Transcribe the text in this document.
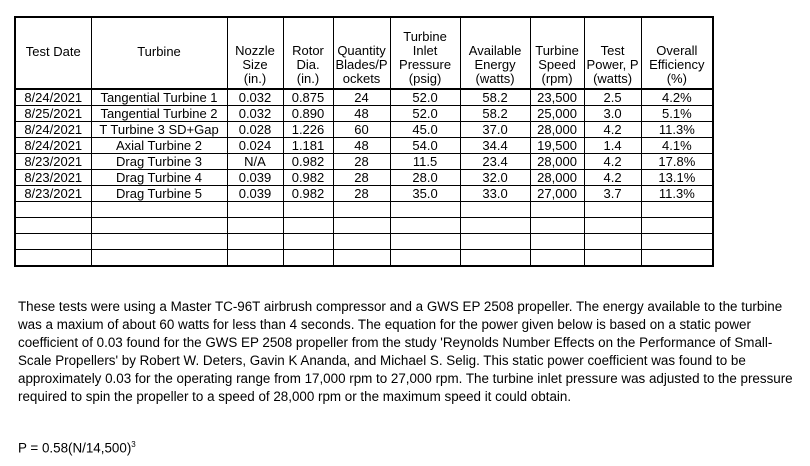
Test Date	Turbine	Nozzle
Size
(in.)	Rotor
Dia.
(in.)	Quantity
Blades/P
ockets	Turbine
Inlet
Pressure
(psig)	Available
Energy
(watts)	Turbine
Speed
(rpm)	Test
Power, P
(watts)	Overall
Efficiency
(%)

8/24/2021	Tangential Turbine 1	0.032	0.875	24	52.0	58.2	23,500	2.5	4.2%
8/25/2021	Tangential Turbine 2	0.032	0.890	48	52.0	58.2	25,000	3.0	5.1%
8/24/2021	T Turbine 3 SD+Gap	0.028	1.226	60	45.0	37.0	28,000	4.2	11.3%
8/24/2021	Axial Turbine 2	0.024	1.181	48	54.0	34.4	19,500	1.4	4.1%
8/23/2021	Drag Turbine 3	N/A	0.982	28	11.5	23.4	28,000	4.2	17.8%
8/23/2021	Drag Turbine 4	0.039	0.982	28	28.0	32.0	28,000	4.2	13.1%
8/23/2021	Drag Turbine 5	0.039	0.982	28	35.0	33.0	27,000	3.7	11.3%

These tests were using a Master TC-96T airbrush compressor and a GWS EP 2508 propeller. The energy available to the turbine was a maxium of about 60 watts for less than 4 seconds. The equation for the power given below is based on a static power coefficient of 0.03 found for the GWS EP 2508 propeller from the study 'Reynolds Number Effects on the Performance of Small-Scale Propellers' by Robert W. Deters, Gavin K Ananda, and Michael S. Selig. This static power coefficient was found to be approximately 0.03 for the operating range from 17,000 rpm to 27,000 rpm. The turbine inlet pressure was adjusted to the pressure required to spin the propeller to a speed of 28,000 rpm or the maximum speed it could obtain.

$P = 0.58(N/14,500)^3$
